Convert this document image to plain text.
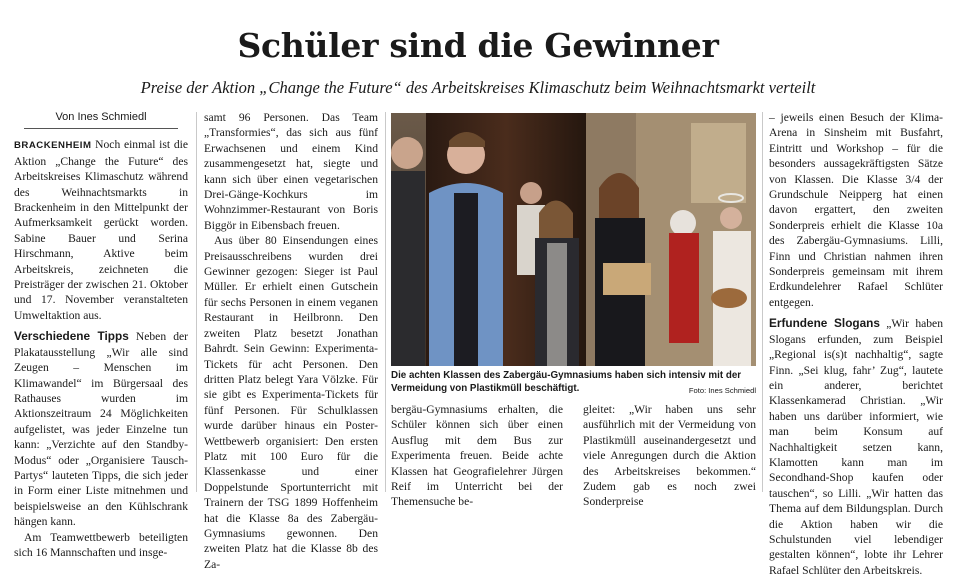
Schüler sind die Gewinner

Preise der Aktion „Change the Future“ des Arbeitskreises Klimaschutz beim Weihnachtsmarkt verteilt

Von Ines Schmiedl

BRACKENHEIM Noch einmal ist die Aktion „Change the Future“ des Arbeitskreises Klimaschutz während des Weihnachtsmarkts in Brackenheim in den Mittelpunkt der Aufmerksamkeit gerückt worden. Sabine Bauer und Serina Hirschmann, Aktive beim Arbeitskreis, zeichneten die Preisträger der zwischen 21. Oktober und 17. November veranstalteten Umweltaktion aus.

Verschiedene Tipps Neben der Plakatausstellung „Wir alle sind Zeugen – Menschen im Klimawandel“ im Bürgersaal des Rathauses wurden im Aktionszeitraum 24 Möglichkeiten aufgelistet, was jeder Einzelne tun kann: „Verzichte auf den Standby-Modus“ oder „Organisiere Tausch-Partys“ lauteten Tipps, die sich jeder in Form einer Liste mitnehmen und beispielsweise an den Kühlschrank hängen kann.

Am Teamwettbewerb beteiligten sich 16 Mannschaften und insge-

samt 96 Personen. Das Team „Transformies“, das sich aus fünf Erwachsenen und einem Kind zusammengesetzt hat, siegte und kann sich über einen vegetarischen Drei-Gänge-Kochkurs im Wohnzimmer-Restaurant von Boris Biggör in Eibensbach freuen.

Aus über 80 Einsendungen eines Preisausschreibens wurden drei Gewinner gezogen: Sieger ist Paul Müller. Er erhielt einen Gutschein für sechs Personen in einem veganen Restaurant in Heilbronn. Den zweiten Platz besetzt Jonathan Bahrdt. Sein Gewinn: Experimenta-Tickets für acht Personen. Den dritten Platz belegt Yara Völzke. Für sie gibt es Experimenta-Tickets für fünf Personen. Für Schulklassen wurde darüber hinaus ein Poster-Wettbewerb organisiert: Den ersten Platz mit 100 Euro für die Klassenkasse und einer Doppelstunde Sportunterricht mit Trainern der TSG 1899 Hoffenheim hat die Klasse 8a des Zabergäu-Gymnasiums gewonnen. Den zweiten Platz hat die Klasse 8b des Za-

Die achten Klassen des Zabergäu-Gymnasiums haben sich intensiv mit der Vermeidung von Plastikmüll beschäftigt.	Foto: Ines Schmiedl
bergäu-Gymnasiums erhalten, die Schüler können sich über einen Ausflug mit dem Bus zur Experimenta freuen. Beide achte Klassen hat Geografielehrer Jürgen Reif im Unterricht bei der Themensuche be-
gleitet: „Wir haben uns sehr ausführlich mit der Vermeidung von Plastikmüll auseinandergesetzt und viele Anregungen durch die Aktion des Arbeitskreises bekommen.“ Zudem gab es noch zwei Sonderpreise

– jeweils einen Besuch der Klima-Arena in Sinsheim mit Busfahrt, Eintritt und Workshop – für die besonders aussagekräftigsten Sätze von Klassen. Die Klasse 3/4 der Grundschule Neipperg hat einen davon ergattert, den zweiten Sonderpreis erhielt die Klasse 10a des Zabergäu-Gymnasiums. Lilli, Finn und Christian nahmen ihren Sonderpreis gemeinsam mit ihrem Erdkundelehrer Rafael Schlüter entgegen.

Erfundene Slogans „Wir haben Slogans erfunden, zum Beispiel „Regional is(s)t nachhaltig“, sagte Finn. „Sei klug, fahr’ Zug“, lautete ein anderer, berichtet Klassenkamerad Christian. „Wir haben uns darüber informiert, wie man beim Konsum auf Nachhaltigkeit setzen kann, Klamotten kann man im Secondhand-Shop kaufen oder tauschen“, so Lilli. „Wir hatten das Thema auf dem Bildungsplan. Durch die Aktion haben wir die Schulstunden viel lebendiger gestalten können“, lobte ihr Lehrer Rafael Schlüter den Arbeitskreis.
